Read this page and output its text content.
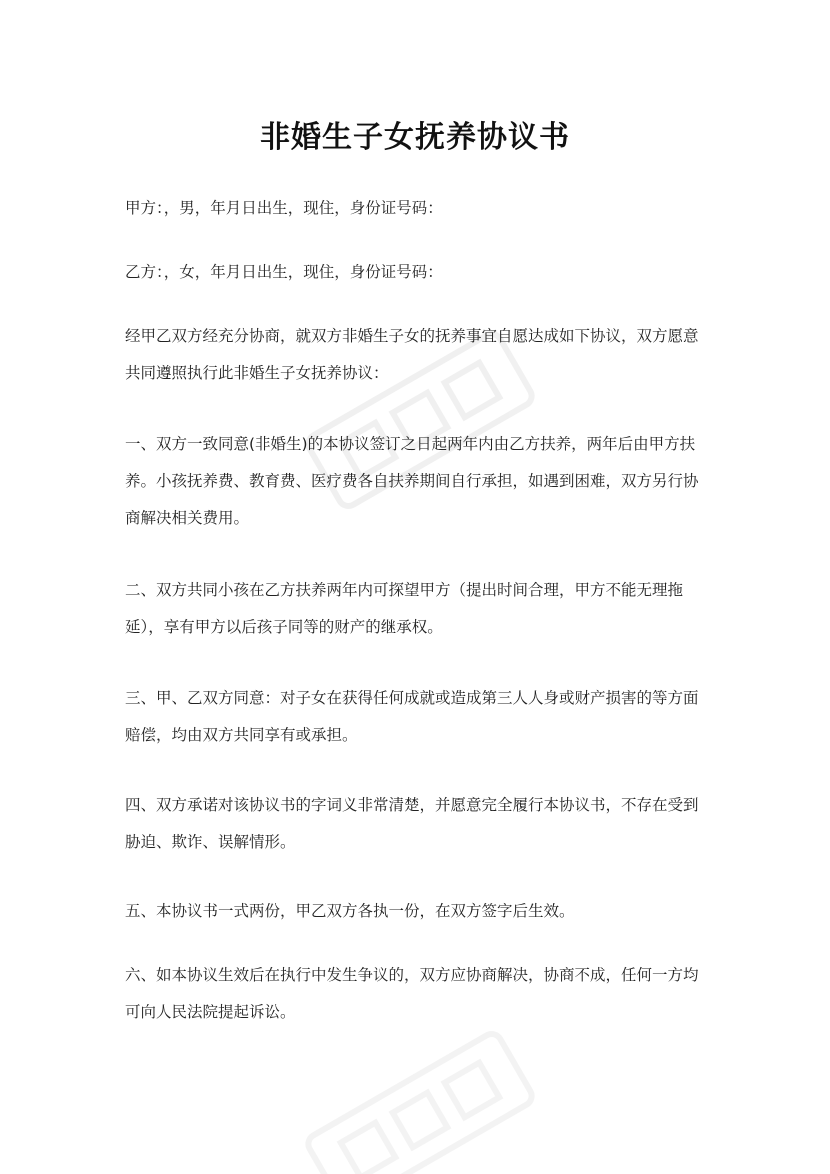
非婚生子女抚养协议书
甲方：，男，年月日出生，现住，身份证号码：
乙方：，女，年月日出生，现住，身份证号码：
经甲乙双方经充分协商，就双方非婚生子女的抚养事宜自愿达成如下协议，双方愿意共同遵照执行此非婚生子女抚养协议：
一、双方一致同意(非婚生)的本协议签订之日起两年内由乙方扶养，两年后由甲方扶养。小孩抚养费、教育费、医疗费各自扶养期间自行承担，如遇到困难，双方另行协商解决相关费用。
二、双方共同小孩在乙方扶养两年内可探望甲方（提出时间合理，甲方不能无理拖延），享有甲方以后孩子同等的财产的继承权。
三、甲、乙双方同意：对子女在获得任何成就或造成第三人人身或财产损害的等方面赔偿，均由双方共同享有或承担。
四、双方承诺对该协议书的字词义非常清楚，并愿意完全履行本协议书，不存在受到胁迫、欺诈、误解情形。
五、本协议书一式两份，甲乙双方各执一份，在双方签字后生效。
六、如本协议生效后在执行中发生争议的，双方应协商解决，协商不成，任何一方均可向人民法院提起诉讼。
